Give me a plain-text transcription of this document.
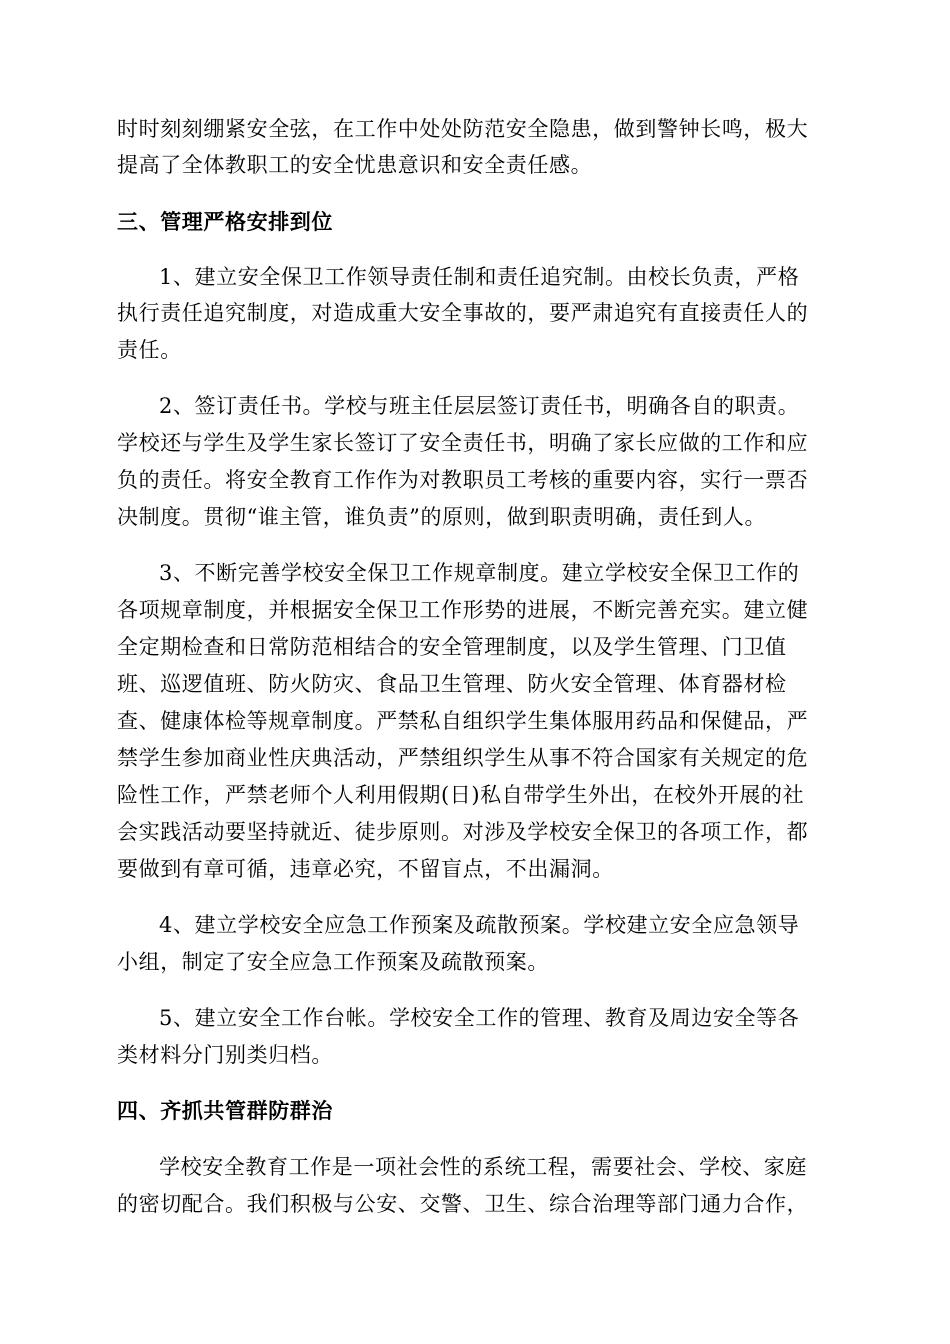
时时刻刻绷紧安全弦，在工作中处处防范安全隐患，做到警钟长鸣，极大
提高了全体教职工的安全忧患意识和安全责任感。
三、管理严格安排到位
1、建立安全保卫工作领导责任制和责任追究制。由校长负责，严格
执行责任追究制度，对造成重大安全事故的，要严肃追究有直接责任人的
责任。
2、签订责任书。学校与班主任层层签订责任书，明确各自的职责。
学校还与学生及学生家长签订了安全责任书，明确了家长应做的工作和应
负的责任。将安全教育工作作为对教职员工考核的重要内容，实行一票否
决制度。贯彻“谁主管，谁负责”的原则，做到职责明确，责任到人。
3、不断完善学校安全保卫工作规章制度。建立学校安全保卫工作的
各项规章制度，并根据安全保卫工作形势的进展，不断完善充实。建立健
全定期检查和日常防范相结合的安全管理制度，以及学生管理、门卫值
班、巡逻值班、防火防灾、食品卫生管理、防火安全管理、体育器材检
查、健康体检等规章制度。严禁私自组织学生集体服用药品和保健品，严
禁学生参加商业性庆典活动，严禁组织学生从事不符合国家有关规定的危
险性工作，严禁老师个人利用假期(日)私自带学生外出，在校外开展的社
会实践活动要坚持就近、徒步原则。对涉及学校安全保卫的各项工作，都
要做到有章可循，违章必究，不留盲点，不出漏洞。
4、建立学校安全应急工作预案及疏散预案。学校建立安全应急领导
小组，制定了安全应急工作预案及疏散预案。
5、建立安全工作台帐。学校安全工作的管理、教育及周边安全等各
类材料分门别类归档。
四、齐抓共管群防群治
学校安全教育工作是一项社会性的系统工程，需要社会、学校、家庭
的密切配合。我们积极与公安、交警、卫生、综合治理等部门通力合作，
